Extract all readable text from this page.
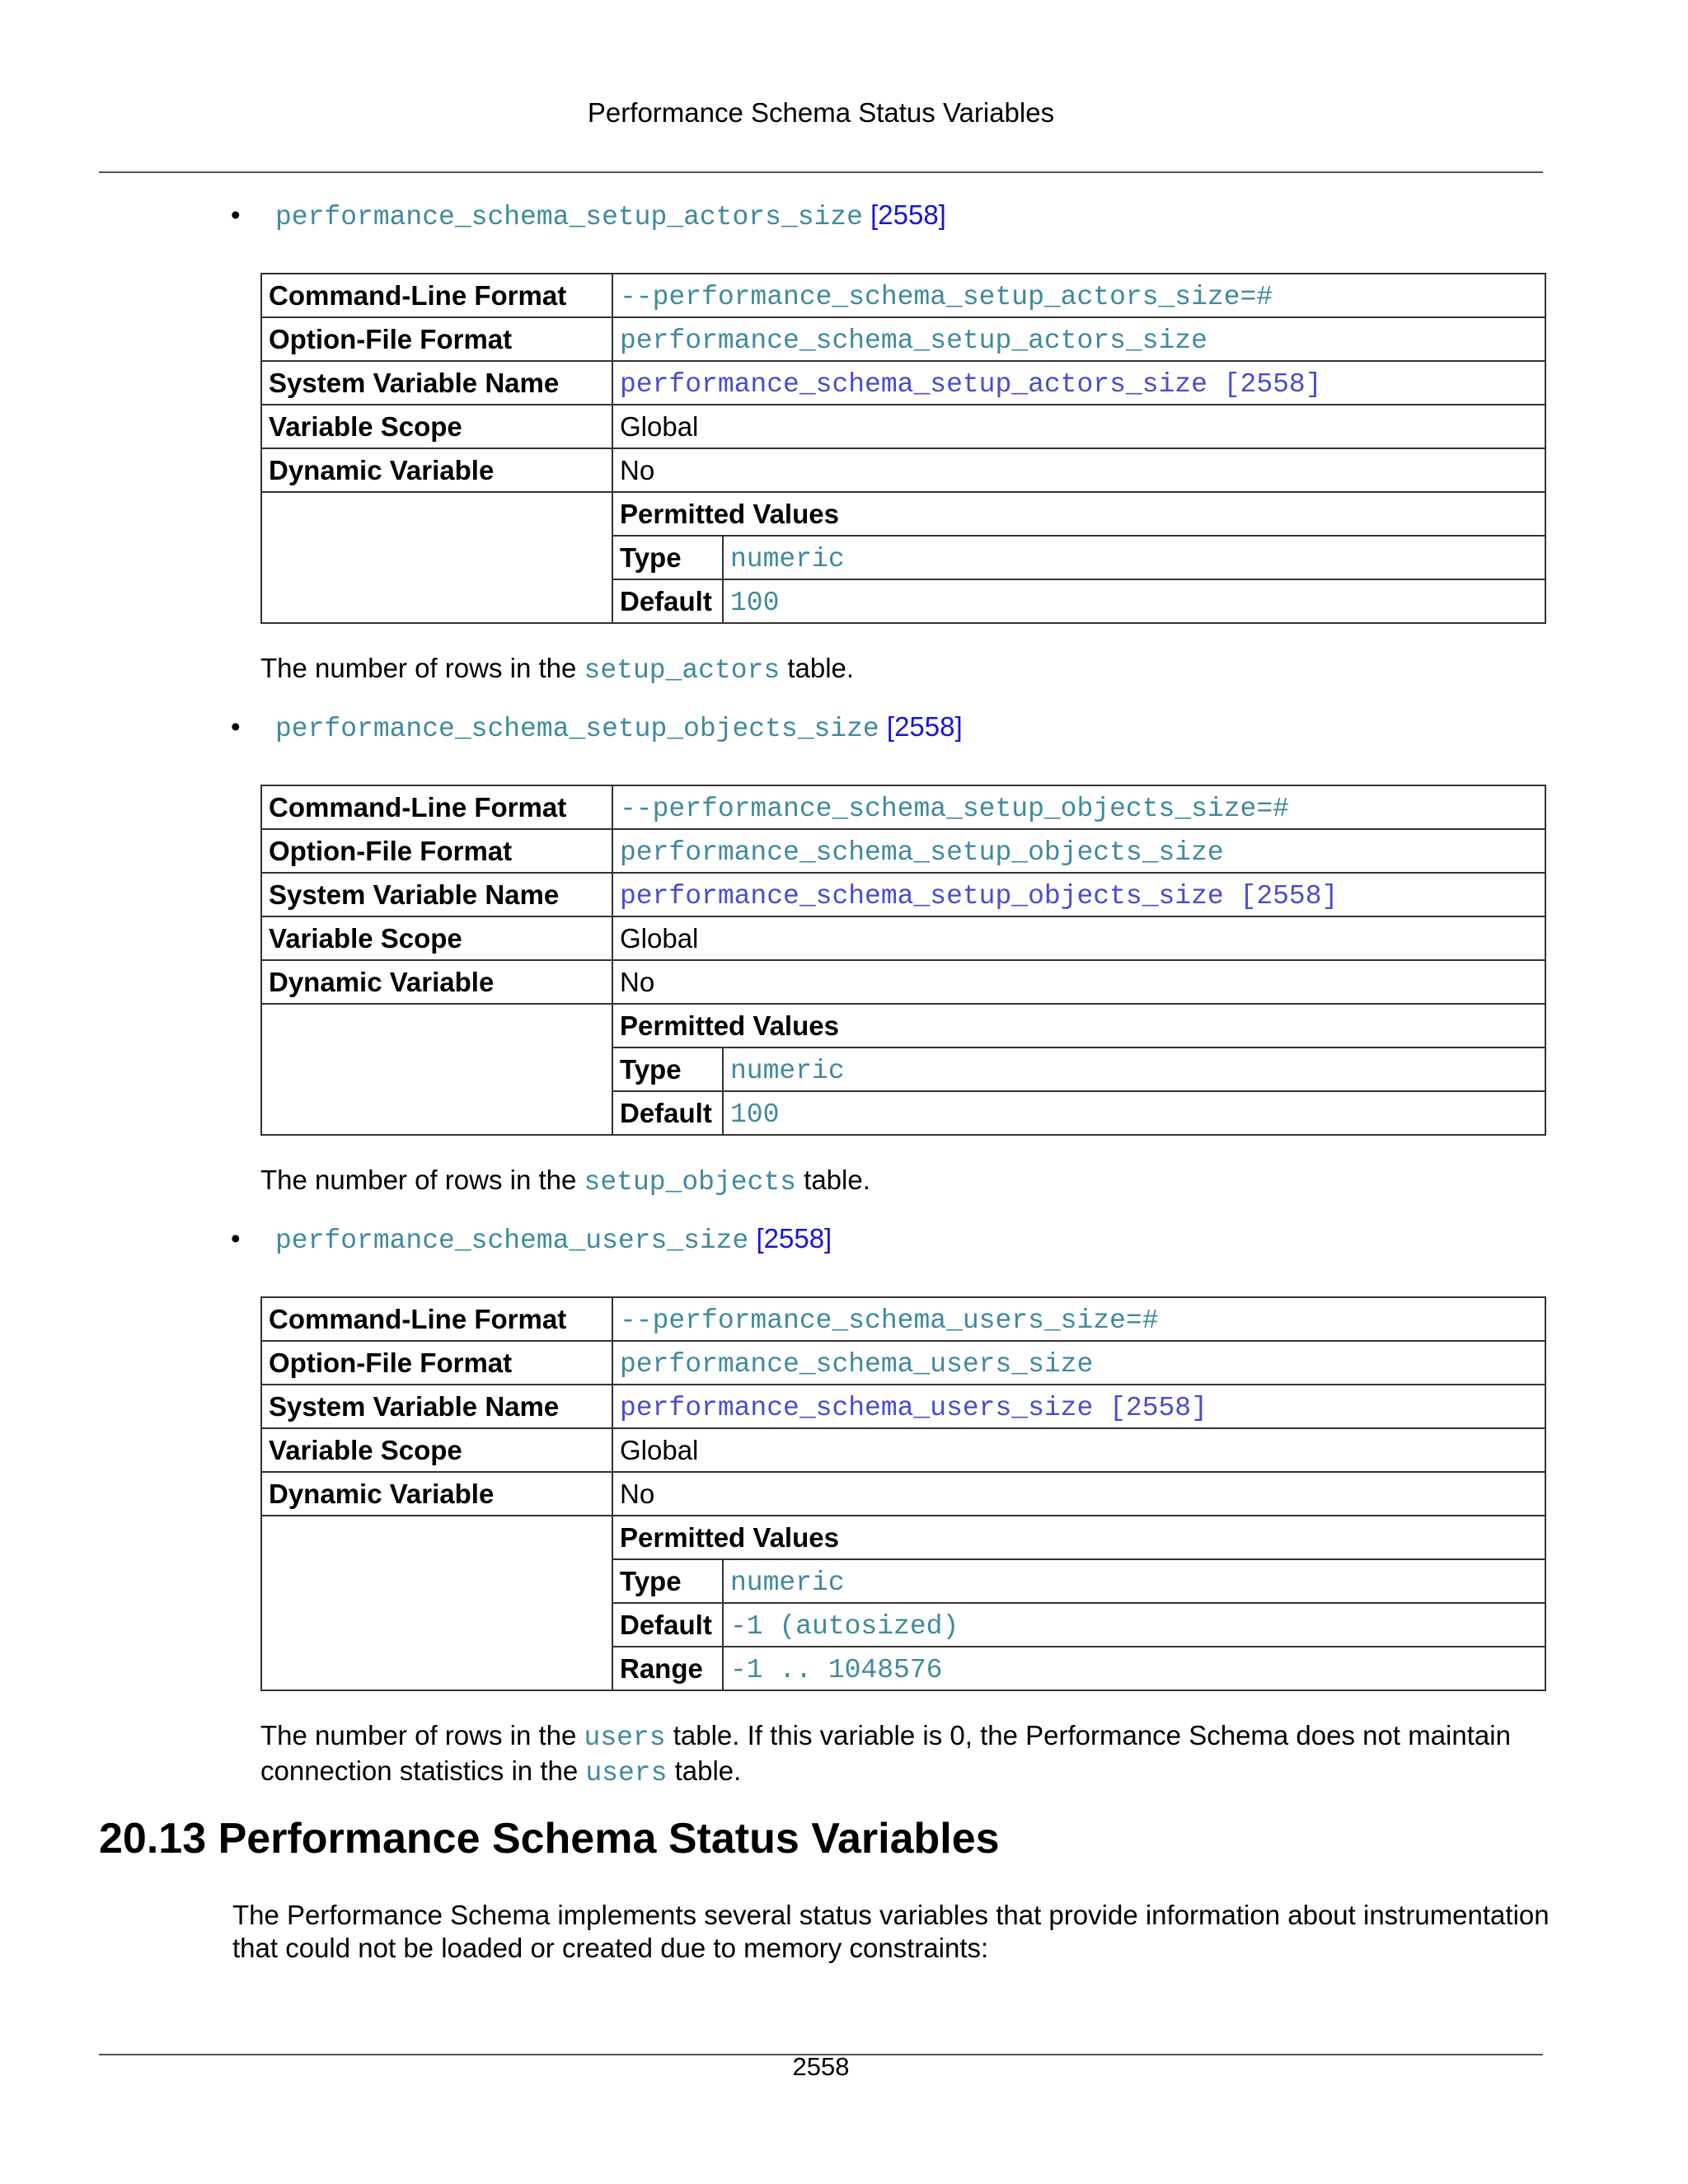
Performance Schema Status Variables
• performance_schema_setup_actors_size [2558]
Command-Line Format	--performance_schema_setup_actors_size=#	
Option-File Format	performance_schema_setup_actors_size	
System Variable Name	performance_schema_setup_actors_size [2558]	
Variable Scope	Global	
Dynamic Variable	No	
	Permitted Values	
	Type	numeric
	Default	100
The number of rows in the setup_actors table.
• performance_schema_setup_objects_size [2558]
Command-Line Format	--performance_schema_setup_objects_size=#	
Option-File Format	performance_schema_setup_objects_size	
System Variable Name	performance_schema_setup_objects_size [2558]	
Variable Scope	Global	
Dynamic Variable	No	
	Permitted Values	
	Type	numeric
	Default	100
The number of rows in the setup_objects table.
• performance_schema_users_size [2558]
Command-Line Format	--performance_schema_users_size=#	
Option-File Format	performance_schema_users_size	
System Variable Name	performance_schema_users_size [2558]	
Variable Scope	Global	
Dynamic Variable	No	
	Permitted Values	
	Type	numeric
	Default	-1 (autosized)
	Range	-1 .. 1048576
The number of rows in the users table. If this variable is 0, the Performance Schema does not maintain connection statistics in the users table.
20.13 Performance Schema Status Variables
The Performance Schema implements several status variables that provide information about instrumentation that could not be loaded or created due to memory constraints:
2558
